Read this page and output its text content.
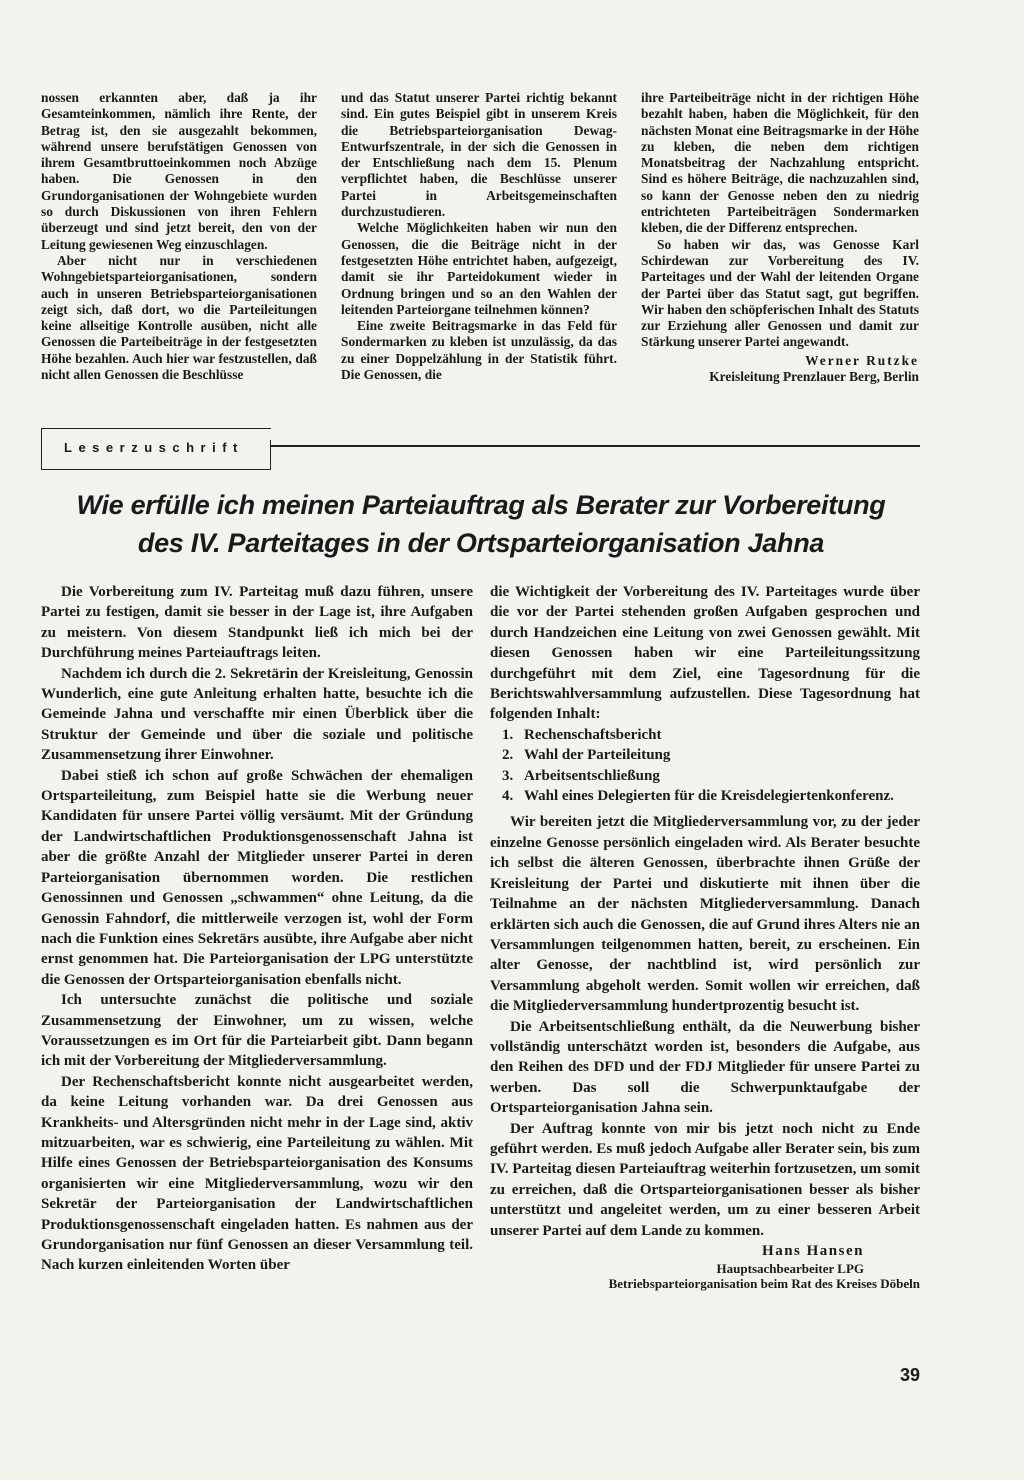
nossen erkannten aber, daß ja ihr Gesamteinkommen, nämlich ihre Rente, der Betrag ist, den sie ausgezahlt bekommen, während unsere berufstätigen Genossen von ihrem Gesamtbruttoeinkommen noch Abzüge haben. Die Genossen in den Grundorganisationen der Wohngebiete wurden so durch Diskussionen von ihren Fehlern überzeugt und sind jetzt bereit, den von der Leitung gewiesenen Weg einzuschlagen.

Aber nicht nur in verschiedenen Wohngebietsparteiorganisationen, sondern auch in unseren Betriebsparteiorganisationen zeigt sich, daß dort, wo die Parteileitungen keine allseitige Kontrolle ausüben, nicht alle Genossen die Parteibeiträge in der festgesetzten Höhe bezahlen. Auch hier war festzustellen, daß nicht allen Genossen die Beschlüsse

und das Statut unserer Partei richtig bekannt sind. Ein gutes Beispiel gibt in unserem Kreis die Betriebsparteiorganisation Dewag-Entwurfszentrale, in der sich die Genossen in der Entschließung nach dem 15. Plenum verpflichtet haben, die Beschlüsse unserer Partei in Arbeitsgemeinschaften durchzustudieren.

Welche Möglichkeiten haben wir nun den Genossen, die die Beiträge nicht in der festgesetzten Höhe entrichtet haben, aufgezeigt, damit sie ihr Parteidokument wieder in Ordnung bringen und so an den Wahlen der leitenden Parteiorgane teilnehmen können?

Eine zweite Beitragsmarke in das Feld für Sondermarken zu kleben ist unzulässig, da das zu einer Doppelzählung in der Statistik führt. Die Genossen, die

ihre Parteibeiträge nicht in der richtigen Höhe bezahlt haben, haben die Möglichkeit, für den nächsten Monat eine Beitragsmarke in der Höhe zu kleben, die neben dem richtigen Monatsbeitrag der Nachzahlung entspricht. Sind es höhere Beiträge, die nachzuzahlen sind, so kann der Genosse neben den zu niedrig entrichteten Parteibeiträgen Sondermarken kleben, die der Differenz entsprechen.

So haben wir das, was Genosse Karl Schirdewan zur Vorbereitung des IV. Parteitages und der Wahl der leitenden Organe der Partei über das Statut sagt, gut begriffen. Wir haben den schöpferischen Inhalt des Statuts zur Erziehung aller Genossen und damit zur Stärkung unserer Partei angewandt.

Werner Rutzke
Kreisleitung Prenzlauer Berg, Berlin
Leserzuschrift
Wie erfülle ich meinen Parteiauftrag als Berater zur Vorbereitung
des IV. Parteitages in der Ortsparteiorganisation Jahna

Die Vorbereitung zum IV. Parteitag muß dazu führen, unsere Partei zu festigen, damit sie besser in der Lage ist, ihre Aufgaben zu meistern. Von diesem Standpunkt ließ ich mich bei der Durchführung meines Parteiauftrags leiten.

Nachdem ich durch die 2. Sekretärin der Kreisleitung, Genossin Wunderlich, eine gute Anleitung erhalten hatte, besuchte ich die Gemeinde Jahna und verschaffte mir einen Überblick über die Struktur der Gemeinde und über die soziale und politische Zusammensetzung ihrer Einwohner.

Dabei stieß ich schon auf große Schwächen der ehemaligen Ortsparteileitung, zum Beispiel hatte sie die Werbung neuer Kandidaten für unsere Partei völlig versäumt. Mit der Gründung der Landwirtschaftlichen Produktionsgenossenschaft Jahna ist aber die größte Anzahl der Mitglieder unserer Partei in deren Parteiorganisation übernommen worden. Die restlichen Genossinnen und Genossen „schwammen“ ohne Leitung, da die Genossin Fahndorf, die mittlerweile verzogen ist, wohl der Form nach die Funktion eines Sekretärs ausübte, ihre Aufgabe aber nicht ernst genommen hat. Die Parteiorganisation der LPG unterstützte die Genossen der Ortsparteiorganisation ebenfalls nicht.

Ich untersuchte zunächst die politische und soziale Zusammensetzung der Einwohner, um zu wissen, welche Voraussetzungen es im Ort für die Parteiarbeit gibt. Dann begann ich mit der Vorbereitung der Mitgliederversammlung.

Der Rechenschaftsbericht konnte nicht ausgearbeitet werden, da keine Leitung vorhanden war. Da drei Genossen aus Krankheits- und Altersgründen nicht mehr in der Lage sind, aktiv mitzuarbeiten, war es schwierig, eine Parteileitung zu wählen. Mit Hilfe eines Genossen der Betriebsparteiorganisation des Konsums organisierten wir eine Mitgliederversammlung, wozu wir den Sekretär der Parteiorganisation der Landwirtschaftlichen Produktionsgenossenschaft eingeladen hatten. Es nahmen aus der Grundorganisation nur fünf Genossen an dieser Versammlung teil. Nach kurzen einleitenden Worten über

die Wichtigkeit der Vorbereitung des IV. Parteitages wurde über die vor der Partei stehenden großen Aufgaben gesprochen und durch Handzeichen eine Leitung von zwei Genossen gewählt. Mit diesen Genossen haben wir eine Parteileitungssitzung durchgeführt mit dem Ziel, eine Tagesordnung für die Berichtswahlversammlung aufzustellen. Diese Tagesordnung hat folgenden Inhalt:

1. Rechenschaftsbericht
2. Wahl der Parteileitung
3. Arbeitsentschließung
4. Wahl eines Delegierten für die Kreisdelegiertenkonferenz.

Wir bereiten jetzt die Mitgliederversammlung vor, zu der jeder einzelne Genosse persönlich eingeladen wird. Als Berater besuchte ich selbst die älteren Genossen, überbrachte ihnen Grüße der Kreisleitung der Partei und diskutierte mit ihnen über die Teilnahme an der nächsten Mitgliederversammlung. Danach erklärten sich auch die Genossen, die auf Grund ihres Alters nie an Versammlungen teilgenommen hatten, bereit, zu erscheinen. Ein alter Genosse, der nachtblind ist, wird persönlich zur Versammlung abgeholt werden. Somit wollen wir erreichen, daß die Mitgliederversammlung hundertprozentig besucht ist.

Die Arbeitsentschließung enthält, da die Neuwerbung bisher vollständig unterschätzt worden ist, besonders die Aufgabe, aus den Reihen des DFD und der FDJ Mitglieder für unsere Partei zu werben. Das soll die Schwerpunktaufgabe der Ortsparteiorganisation Jahna sein.

Der Auftrag konnte von mir bis jetzt noch nicht zu Ende geführt werden. Es muß jedoch Aufgabe aller Berater sein, bis zum IV. Parteitag diesen Parteiauftrag weiterhin fortzusetzen, um somit zu erreichen, daß die Ortsparteiorganisationen besser als bisher unterstützt und angeleitet werden, um zu einer besseren Arbeit unserer Partei auf dem Lande zu kommen.

Hans Hansen
Hauptsachbearbeiter LPG
Betriebsparteiorganisation beim Rat des Kreises Döbeln
39
